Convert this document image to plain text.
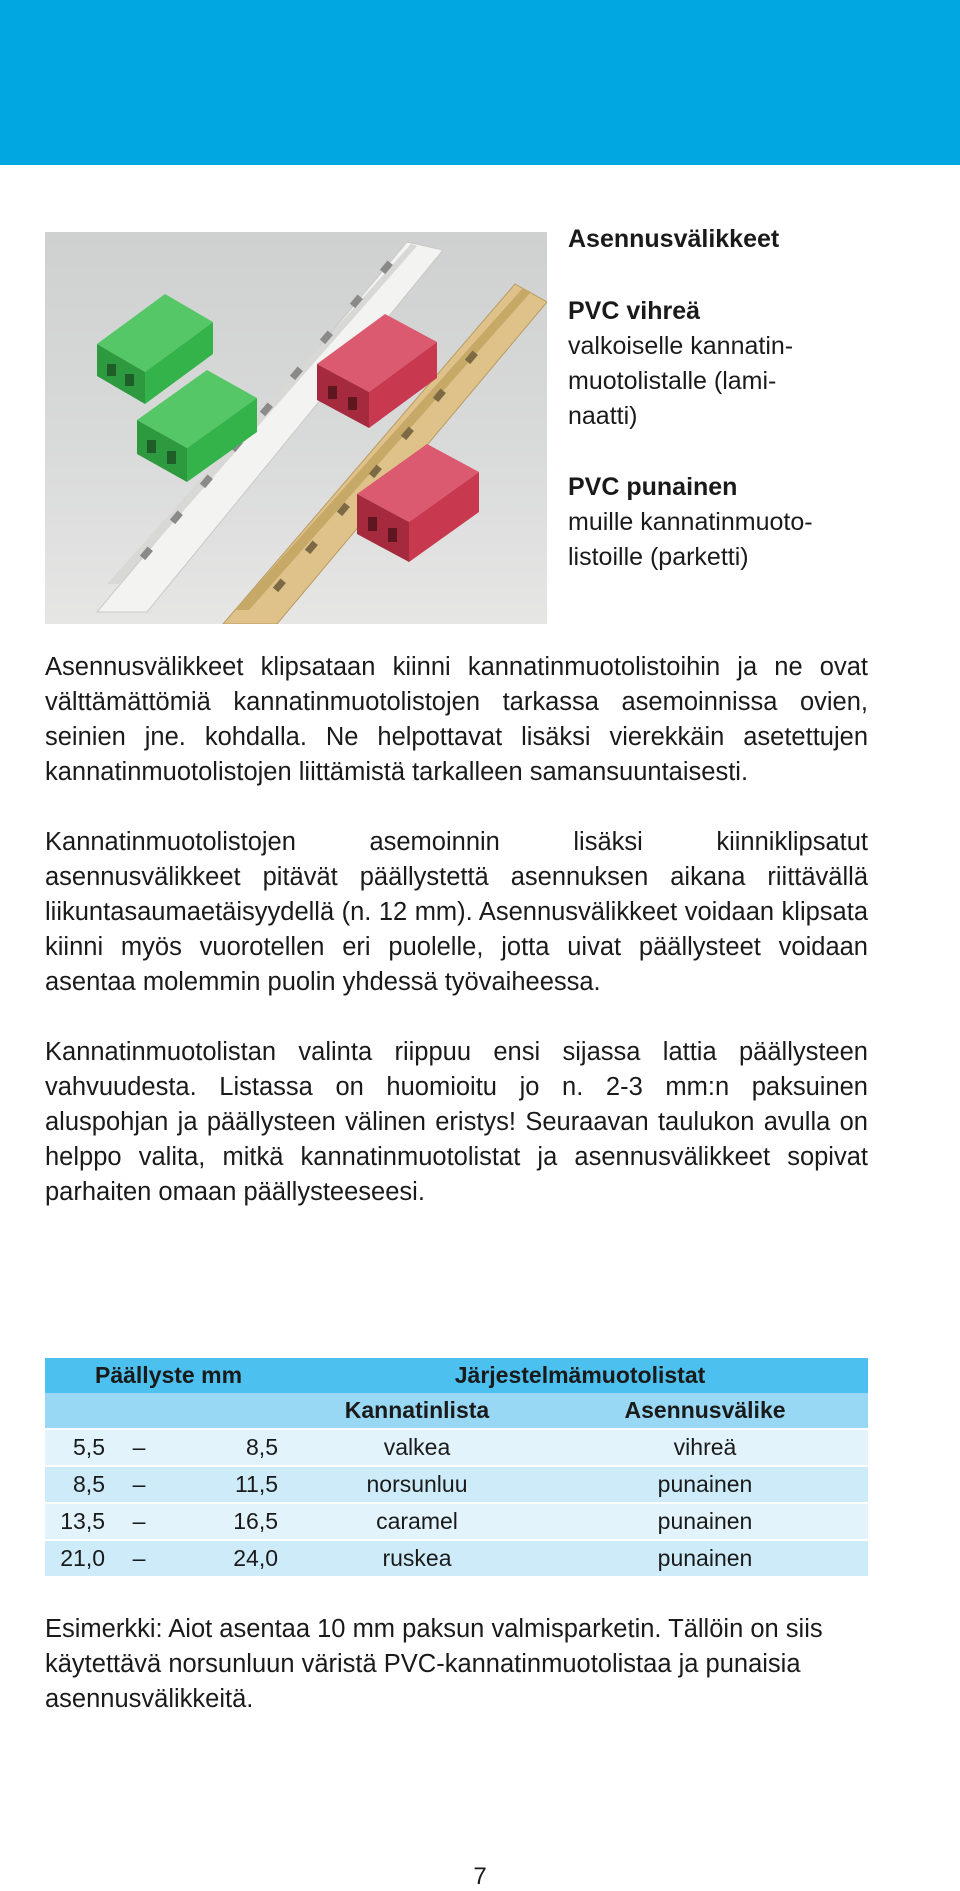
Asennusvälikkeet

PVC vihreä

valkoiselle kannatin-

muotolistalle (lami-

naatti)

PVC punainen

muille kannatinmuoto-

listoille (parketti)

Asennusvälikkeet klipsataan kiinni kannatinmuotolistoihin ja ne ovat välttämättömiä kannatinmuotolistojen tarkassa asemoinnissa ovien, seinien jne. kohdalla. Ne helpottavat lisäksi vierekkäin asetettujen kannatinmuotolistojen liittämistä tarkalleen samansuuntaisesti.

Kannatinmuotolistojen asemoinnin lisäksi kiinniklipsatut asennusvälikkeet pitävät päällystettä asennuksen aikana riittävällä liikuntasaumaetäisyydellä (n. 12 mm). Asennusvälikkeet voidaan klipsata kiinni myös vuorotellen eri puolelle, jotta uivat päällysteet voidaan asentaa molemmin puolin yhdessä työvaiheessa.

Kannatinmuotolistan valinta riippuu ensi sijassa lattia päällysteen vahvuudesta. Listassa on huomioitu jo n. 2-3 mm:n paksuinen aluspohjan ja päällysteen välinen eristys! Seuraavan taulukon avulla on helppo valita, mitkä kannatinmuotolistat ja asennusvälikkeet sopivat parhaiten omaan päällysteeseesi.

Päällyste mm			Järjestelmämuotolistat	
			Kannatinlista	Asennusvälike
5,5	–	8,5	valkea	vihreä
8,5	–	11,5	norsunluu	punainen
13,5	–	16,5	caramel	punainen
21,0	–	24,0	ruskea	punainen

Esimerkki: Aiot asentaa 10 mm paksun valmisparketin. Tällöin on siis käytettävä norsunluun väristä PVC-kannatinmuotolistaa ja punaisia asennusvälikkeitä.

7
